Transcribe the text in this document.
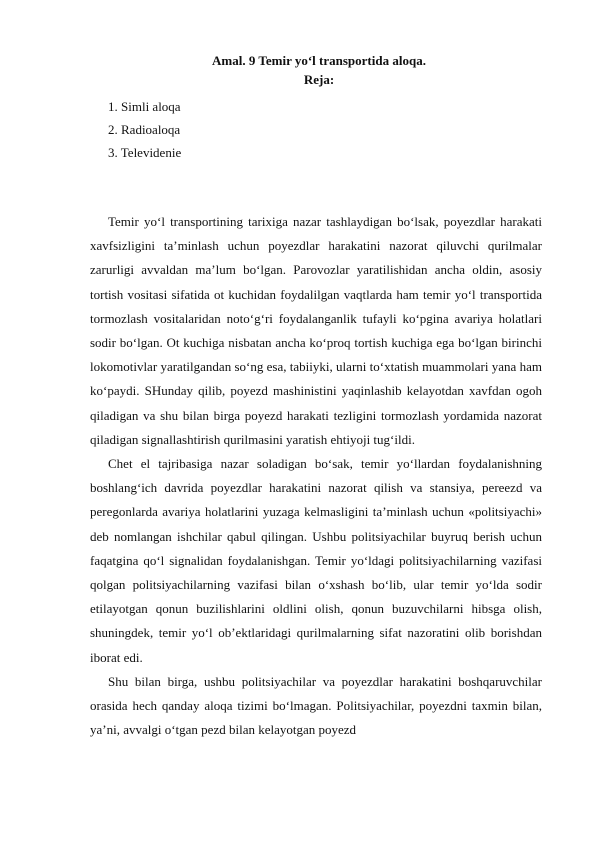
Amal. 9 Temir yo‘l transportida aloqa.

Reja:

1. Simli aloqa
2. Radioaloqa
3. Televidenie

Temir yo‘l transportining tarixiga nazar tashlaydigan bo‘lsak, poyezdlar harakati xavfsizligini ta’minlash uchun poyezdlar harakatini nazorat qiluvchi qurilmalar zarurligi avvaldan ma’lum bo‘lgan. Parovozlar yaratilishidan ancha oldin, asosiy tortish vositasi sifatida ot kuchidan foydalilgan vaqtlarda ham temir yo‘l transportida tormozlash vositalaridan noto‘g‘ri foydalanganlik tufayli ko‘pgina avariya holatlari sodir bo‘lgan. Ot kuchiga nisbatan ancha ko‘proq tortish kuchiga ega bo‘lgan birinchi lokomotivlar yaratilgandan so‘ng esa, tabiiyki, ularni to‘xtatish muammolari yana ham ko‘paydi. SHunday qilib, poyezd mashinistini yaqinlashib kelayotdan xavfdan ogoh qiladigan va shu bilan birga poyezd harakati tezligini tormozlash yordamida nazorat qiladigan signallashtirish qurilmasini yaratish ehtiyoji tug‘ildi.

Chet el tajribasiga nazar soladigan bo‘sak, temir yo‘llardan foydalanishning boshlang‘ich davrida poyezdlar harakatini nazorat qilish va stansiya, pereezd va peregonlarda avariya holatlarini yuzaga kelmasligini ta’minlash uchun «politsiyachi» deb nomlangan ishchilar qabul qilingan. Ushbu politsiyachilar buyruq berish uchun faqatgina qo‘l signalidan foydalanishgan. Temir yo‘ldagi politsiyachilarning vazifasi qolgan politsiyachilarning vazifasi bilan o‘xshash bo‘lib, ular temir yo‘lda sodir etilayotgan qonun buzilishlarini oldlini olish, qonun buzuvchilarni hibsga olish, shuningdek, temir yo‘l ob’ektlaridagi qurilmalarning sifat nazoratini olib borishdan iborat edi.

Shu bilan birga, ushbu politsiyachilar va poyezdlar harakatini boshqaruvchilar orasida hech qanday aloqa tizimi bo‘lmagan. Politsiyachilar, poyezdni taxmin bilan, ya’ni, avvalgi o‘tgan pezd bilan kelayotgan poyezd
